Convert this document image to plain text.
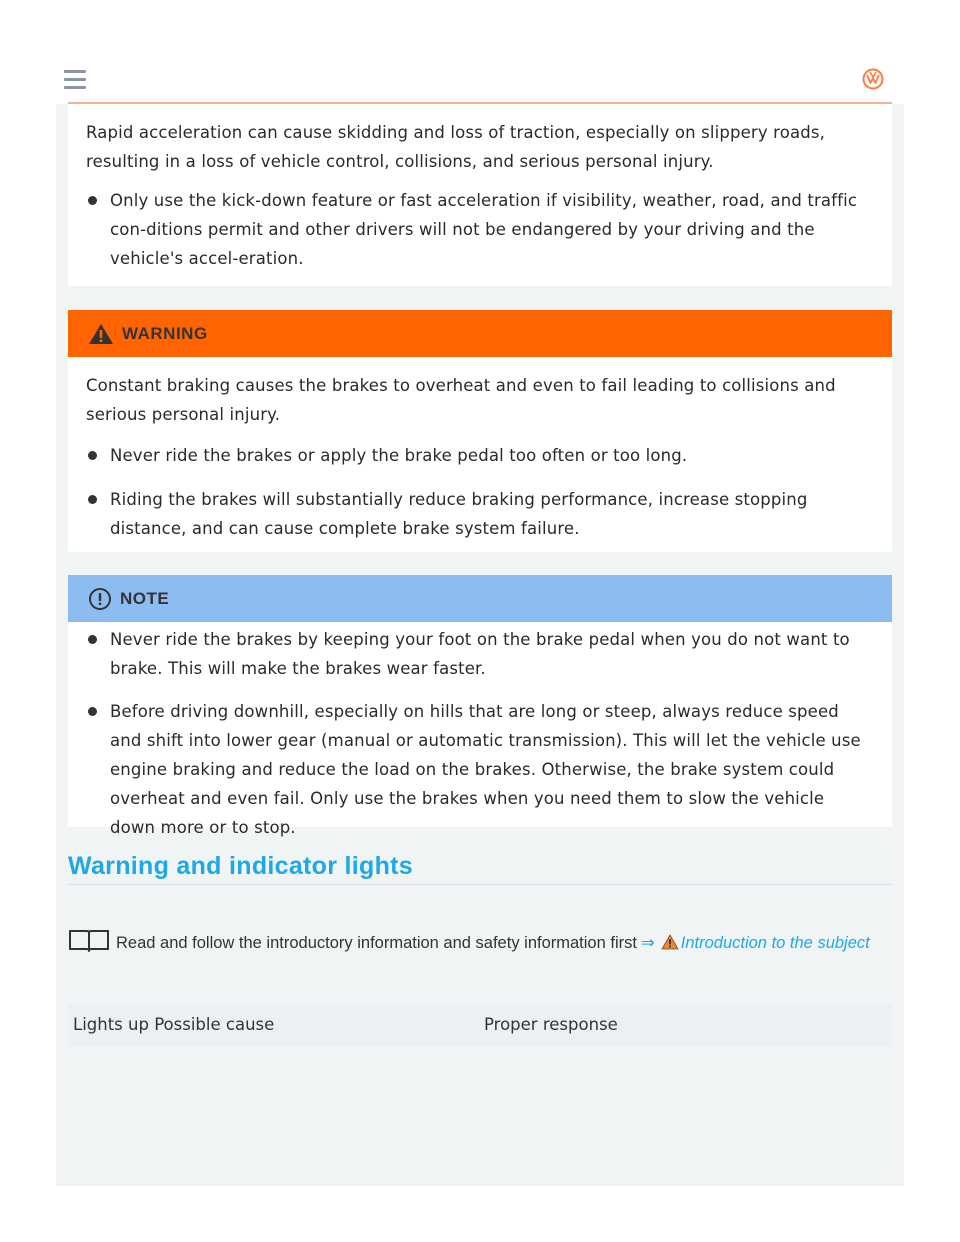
Rapid acceleration can cause skidding and loss of traction, especially on slippery roads, resulting in a loss of vehicle control, collisions, and serious personal injury.

Only use the kick-down feature or fast acceleration if visibility, weather, road, and traffic con-ditions permit and other drivers will not be endangered by your driving and the vehicle's accel-eration.
WARNING

Constant braking causes the brakes to overheat and even to fail leading to collisions and serious personal injury.

Never ride the brakes or apply the brake pedal too often or too long.
Riding the brakes will substantially reduce braking performance, increase stopping distance, and can cause complete brake system failure.
NOTE
Never ride the brakes by keeping your foot on the brake pedal when you do not want to brake. This will make the brakes wear faster.
Before driving downhill, especially on hills that are long or steep, always reduce speed and shift into lower gear (manual or automatic transmission). This will let the vehicle use engine braking and reduce the load on the brakes. Otherwise, the brake system could overheat and even fail. Only use the brakes when you need them to slow the vehicle down more or to stop.
Warning and indicator lights
Read and follow the introductory information and safety information first ⇒ Introduction to the subject
Lights up Possible cause	Proper response
